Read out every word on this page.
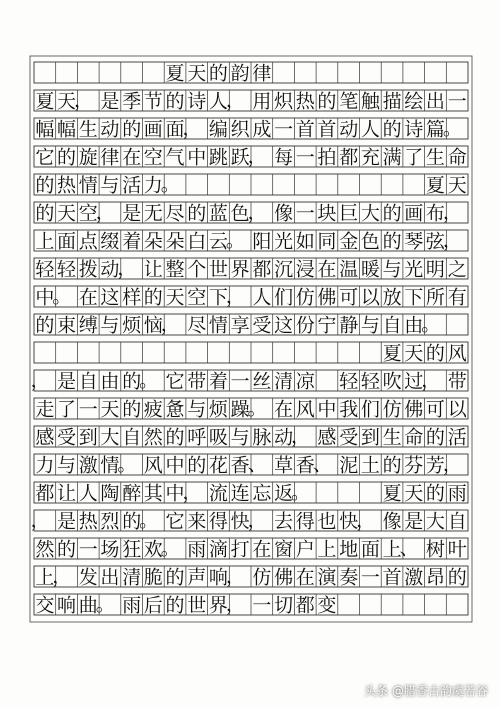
夏 天 的 韵 律
夏 天
， 是 季 节 的 诗 人
， 用 炽 热 的 笔 触 描 绘 出 一
幅 幅 生 动 的 画 面
， 编 织 成 一 首 首 动 人 的 诗 篇
。
它 的 旋 律 在 空 气 中 跳 跃
， 每 一 拍 都 充 满 了 生 命
的 热 情 与 活 力
。	夏 天
的 天 空
， 是 无 尽 的 蓝 色
， 像 一 块 巨 大 的 画 布
，
上 面 点 缀 着 朵 朵 白 云
。 阳 光 如 同 金 色 的 琴 弦
，
轻 轻 拨 动
， 让 整 个 世 界 都 沉 浸 在 温 暖 与 光 明 之
中
。 在 这 样 的 天 空 下
， 人 们 仿 佛 可 以 放 下 所 有
的 束 缚 与 烦 恼
， 尽 情 享 受 这 份 宁 静 与 自 由
。
夏 天 的 风
， 是 自 由 的
。 它 带 着 一 丝 清 凉 轻 轻 吹 过
， 带
走 了 一 天 的 疲 惫 与 烦 躁
。 在 风 中 我 们 仿 佛 可 以
感 受 到 大 自 然 的 呼 吸 与 脉 动
， 感 受 到 生 命 的 活
力 与 激 情
。 风 中 的 花 香
、 草 香
、 泥 土 的 芬 芳
，
都 让 人 陶 醉 其 中
， 流 连 忘 返
。	夏 天 的 雨
， 是 热 烈 的
。 它 来 得 快
， 去 得 也 快
， 像 是 大 自
然 的 一 场 狂 欢
。 雨 滴 打 在 窗 户 上 地 面 上
、 树 叶
上
， 发 出 清 脆 的 声 响
， 仿 佛 在 演 奏 一 首 激 昂 的
交 响 曲
。 雨 后 的 世 界
， 一 切 都 变
头条 @腊香古韵虞若谷
